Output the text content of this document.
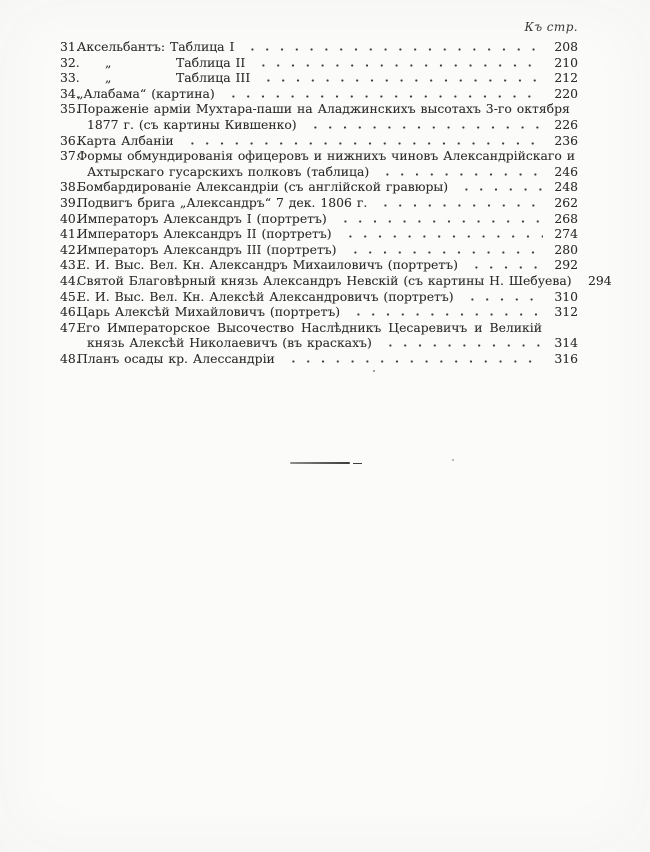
Къ стр.
31.
Аксельбантъ: Таблица I	208
32.	„	Таблица II	210
33.	„	Таблица III	212
34.
„Алабама“ (картина)	220
35.
Пораженіе арміи Мухтара-паши на Аладжинскихъ высотахъ 3-го октября
1877 г. (съ картины Кившенко)	226
36.
Карта Албаніи	236
37.
Формы обмундированія офицеровъ и нижнихъ чиновъ Александрійскаго и
Ахтырскаго гусарскихъ полковъ (таблица)	246
38.
Бомбардированіе Александріи (съ англійской гравюры)	248
39.
Подвигъ брига „Александръ“ 7 дек. 1806 г.	262
40.
Императоръ Александръ I (портретъ)	268
41.
Императоръ Александръ II (портретъ)	274
42.
Императоръ Александръ III (портретъ)	280
43.
Е. И. Выс. Вел. Кн. Александръ Михаиловичъ (портретъ)	292
44.
Святой Благовѣрный князь Александръ Невскій (съ картины Н. Шебуева)	294
45.
Е. И. Выс. Вел. Кн. Алексѣй Александровичъ (портретъ)	310
46.
Царь Алексѣй Михайловичъ (портретъ)	312
47.
Его Императорское Высочество Наслѣдникъ Цесаревичъ и Великій
князь Алексѣй Николаевичъ (въ краскахъ)	314
48.
Планъ осады кр. Алессандріи	316
